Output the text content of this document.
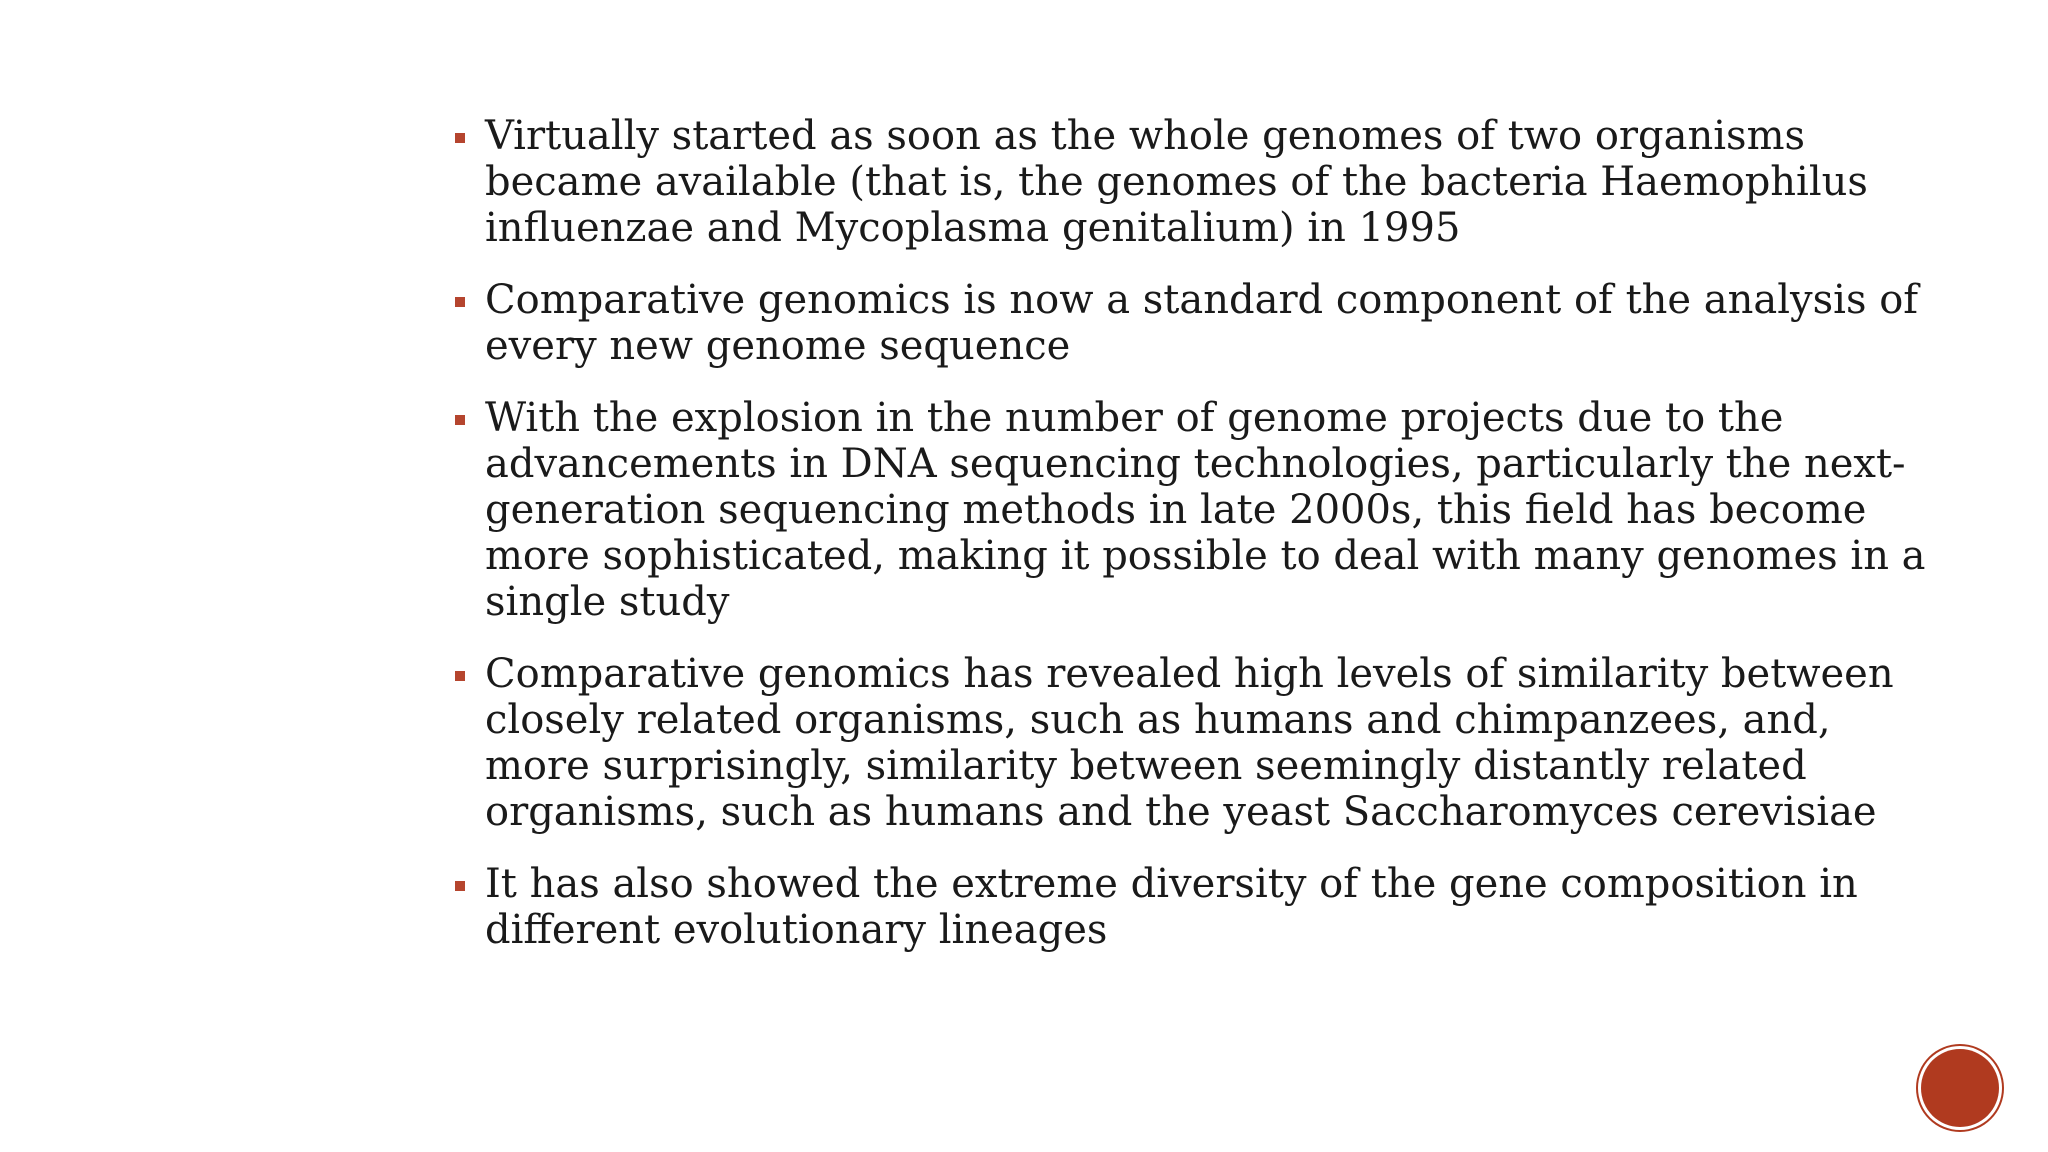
Virtually started as soon as the whole genomes of two organisms became available (that is, the genomes of the bacteria Haemophilus influenzae and Mycoplasma genitalium) in 1995
Comparative genomics is now a standard component of the analysis of every new genome sequence
With the explosion in the number of genome projects due to the advancements in DNA sequencing technologies, particularly the next-generation sequencing methods in late 2000s, this field has become more sophisticated, making it possible to deal with many genomes in a single study
Comparative genomics has revealed high levels of similarity between closely related organisms, such as humans and chimpanzees, and, more surprisingly, similarity between seemingly distantly related organisms, such as humans and the yeast Saccharomyces cerevisiae
It has also showed the extreme diversity of the gene composition in different evolutionary lineages
